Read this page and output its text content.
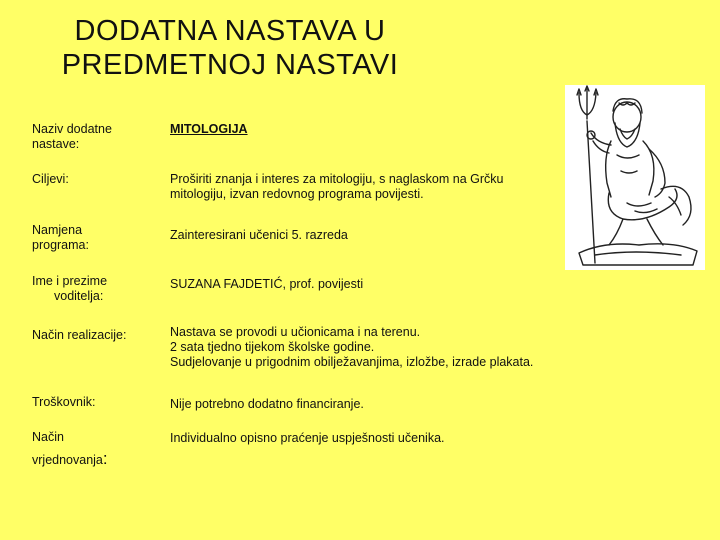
DODATNA NASTAVA U
PREDMETNOJ NASTAVI
Naziv dodatne
nastave:

MITOLOGIJA

Ciljevi:	Proširiti znanja i interes za mitologiju, s naglaskom na Grčku

mitologiju, izvan redovnog programa povijesti.

Namjena
programa:

Zainteresirani učenici 5. razreda

Ime i prezime
voditelja:

SUZANA FAJDETIĆ, prof. povijesti

Način realizacije:	Nastava se provodi u učionicama i na terenu.

2 sata tjedno tijekom školske godine.

Sudjelovanje u prigodnim obilježavanjima, izložbe, izrade plakata.

Troškovnik:	Nije potrebno dodatno financiranje.

Način
vrjednovanja:

Individualno opisno praćenje uspješnosti učenika.
